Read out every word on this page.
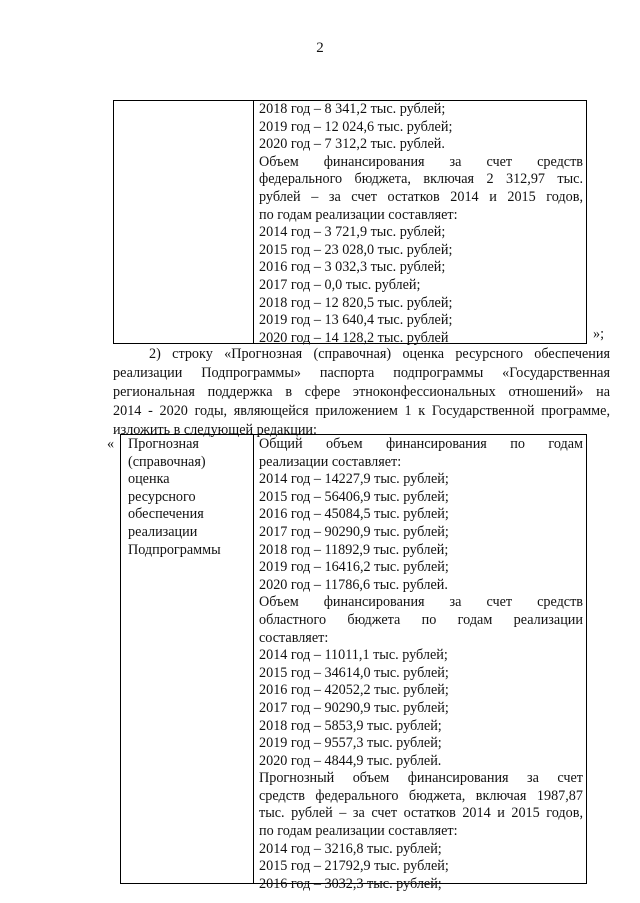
2
2018 год – 8 341,2 тыс. рублей;
2019 год – 12 024,6 тыс. рублей;
2020 год – 7 312,2 тыс. рублей.
Объем финансирования за счет средств
федерального бюджета, включая 2 312,97 тыс.
рублей – за счет остатков 2014 и 2015 годов,
по годам реализации составляет:
2014 год – 3 721,9 тыс. рублей;
2015 год – 23 028,0 тыс. рублей;
2016 год – 3 032,3 тыс. рублей;
2017 год – 0,0 тыс. рублей;
2018 год – 12 820,5 тыс. рублей;
2019 год – 13 640,4 тыс. рублей;
2020 год – 14 128,2 тыс. рублей	»;
2) строку «Прогнозная (справочная) оценка ресурсного обеспечения
реализации Подпрограммы» паспорта подпрограммы «Государственная
региональная поддержка в сфере этноконфессиональных отношений» на
2014 - 2020 годы, являющейся приложением 1 к Государственной программе,
изложить в следующей редакции:
« Прогнозная
(справочная)
оценка
ресурсного
обеспечения
реализации
Подпрограммы
Общий объем финансирования по годам
реализации составляет:
2014 год – 14227,9 тыс. рублей;
2015 год – 56406,9 тыс. рублей;
2016 год – 45084,5 тыс. рублей;
2017 год – 90290,9 тыс. рублей;
2018 год – 11892,9 тыс. рублей;
2019 год – 16416,2 тыс. рублей;
2020 год – 11786,6 тыс. рублей.
Объем финансирования за счет средств
областного бюджета по годам реализации
составляет:
2014 год – 11011,1 тыс. рублей;
2015 год – 34614,0 тыс. рублей;
2016 год – 42052,2 тыс. рублей;
2017 год – 90290,9 тыс. рублей;
2018 год – 5853,9 тыс. рублей;
2019 год – 9557,3 тыс. рублей;
2020 год – 4844,9 тыс. рублей.
Прогнозный объем финансирования за счет
средств федерального бюджета, включая 1987,87
тыс. рублей – за счет остатков 2014 и 2015 годов,
по годам реализации составляет:
2014 год – 3216,8 тыс. рублей;
2015 год – 21792,9 тыс. рублей;
2016 год – 3032,3 тыс. рублей;
